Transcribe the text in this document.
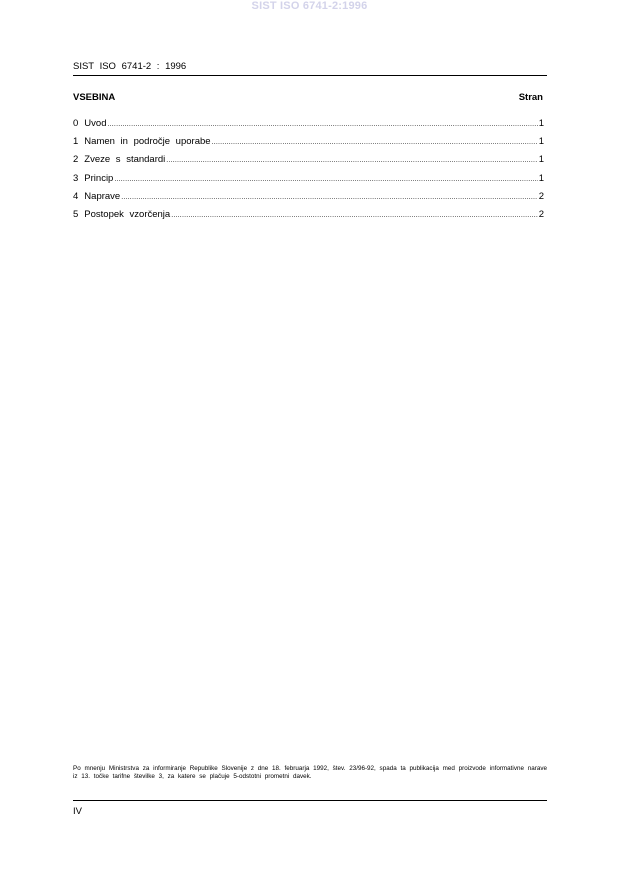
SIST ISO 6741-2:1996
SIST ISO 6741-2 : 1996
VSEBINA	Stran
0 Uvod .....	1
1 Namen in področje uporabe .....	1
2 Zveze s standardi .....	1
3 Princip .....	1
4 Naprave .....	2
5 Postopek vzorčenja .....	2
Po mnenju Ministrstva za informiranje Republike Slovenije z dne 18. februarja 1992, štev. 23/96-92, spada ta publikacija med proizvode informativne narave iz 13. točke tarifne številke 3, za katere se plačuje 5-odstotni prometni davek.
IV
